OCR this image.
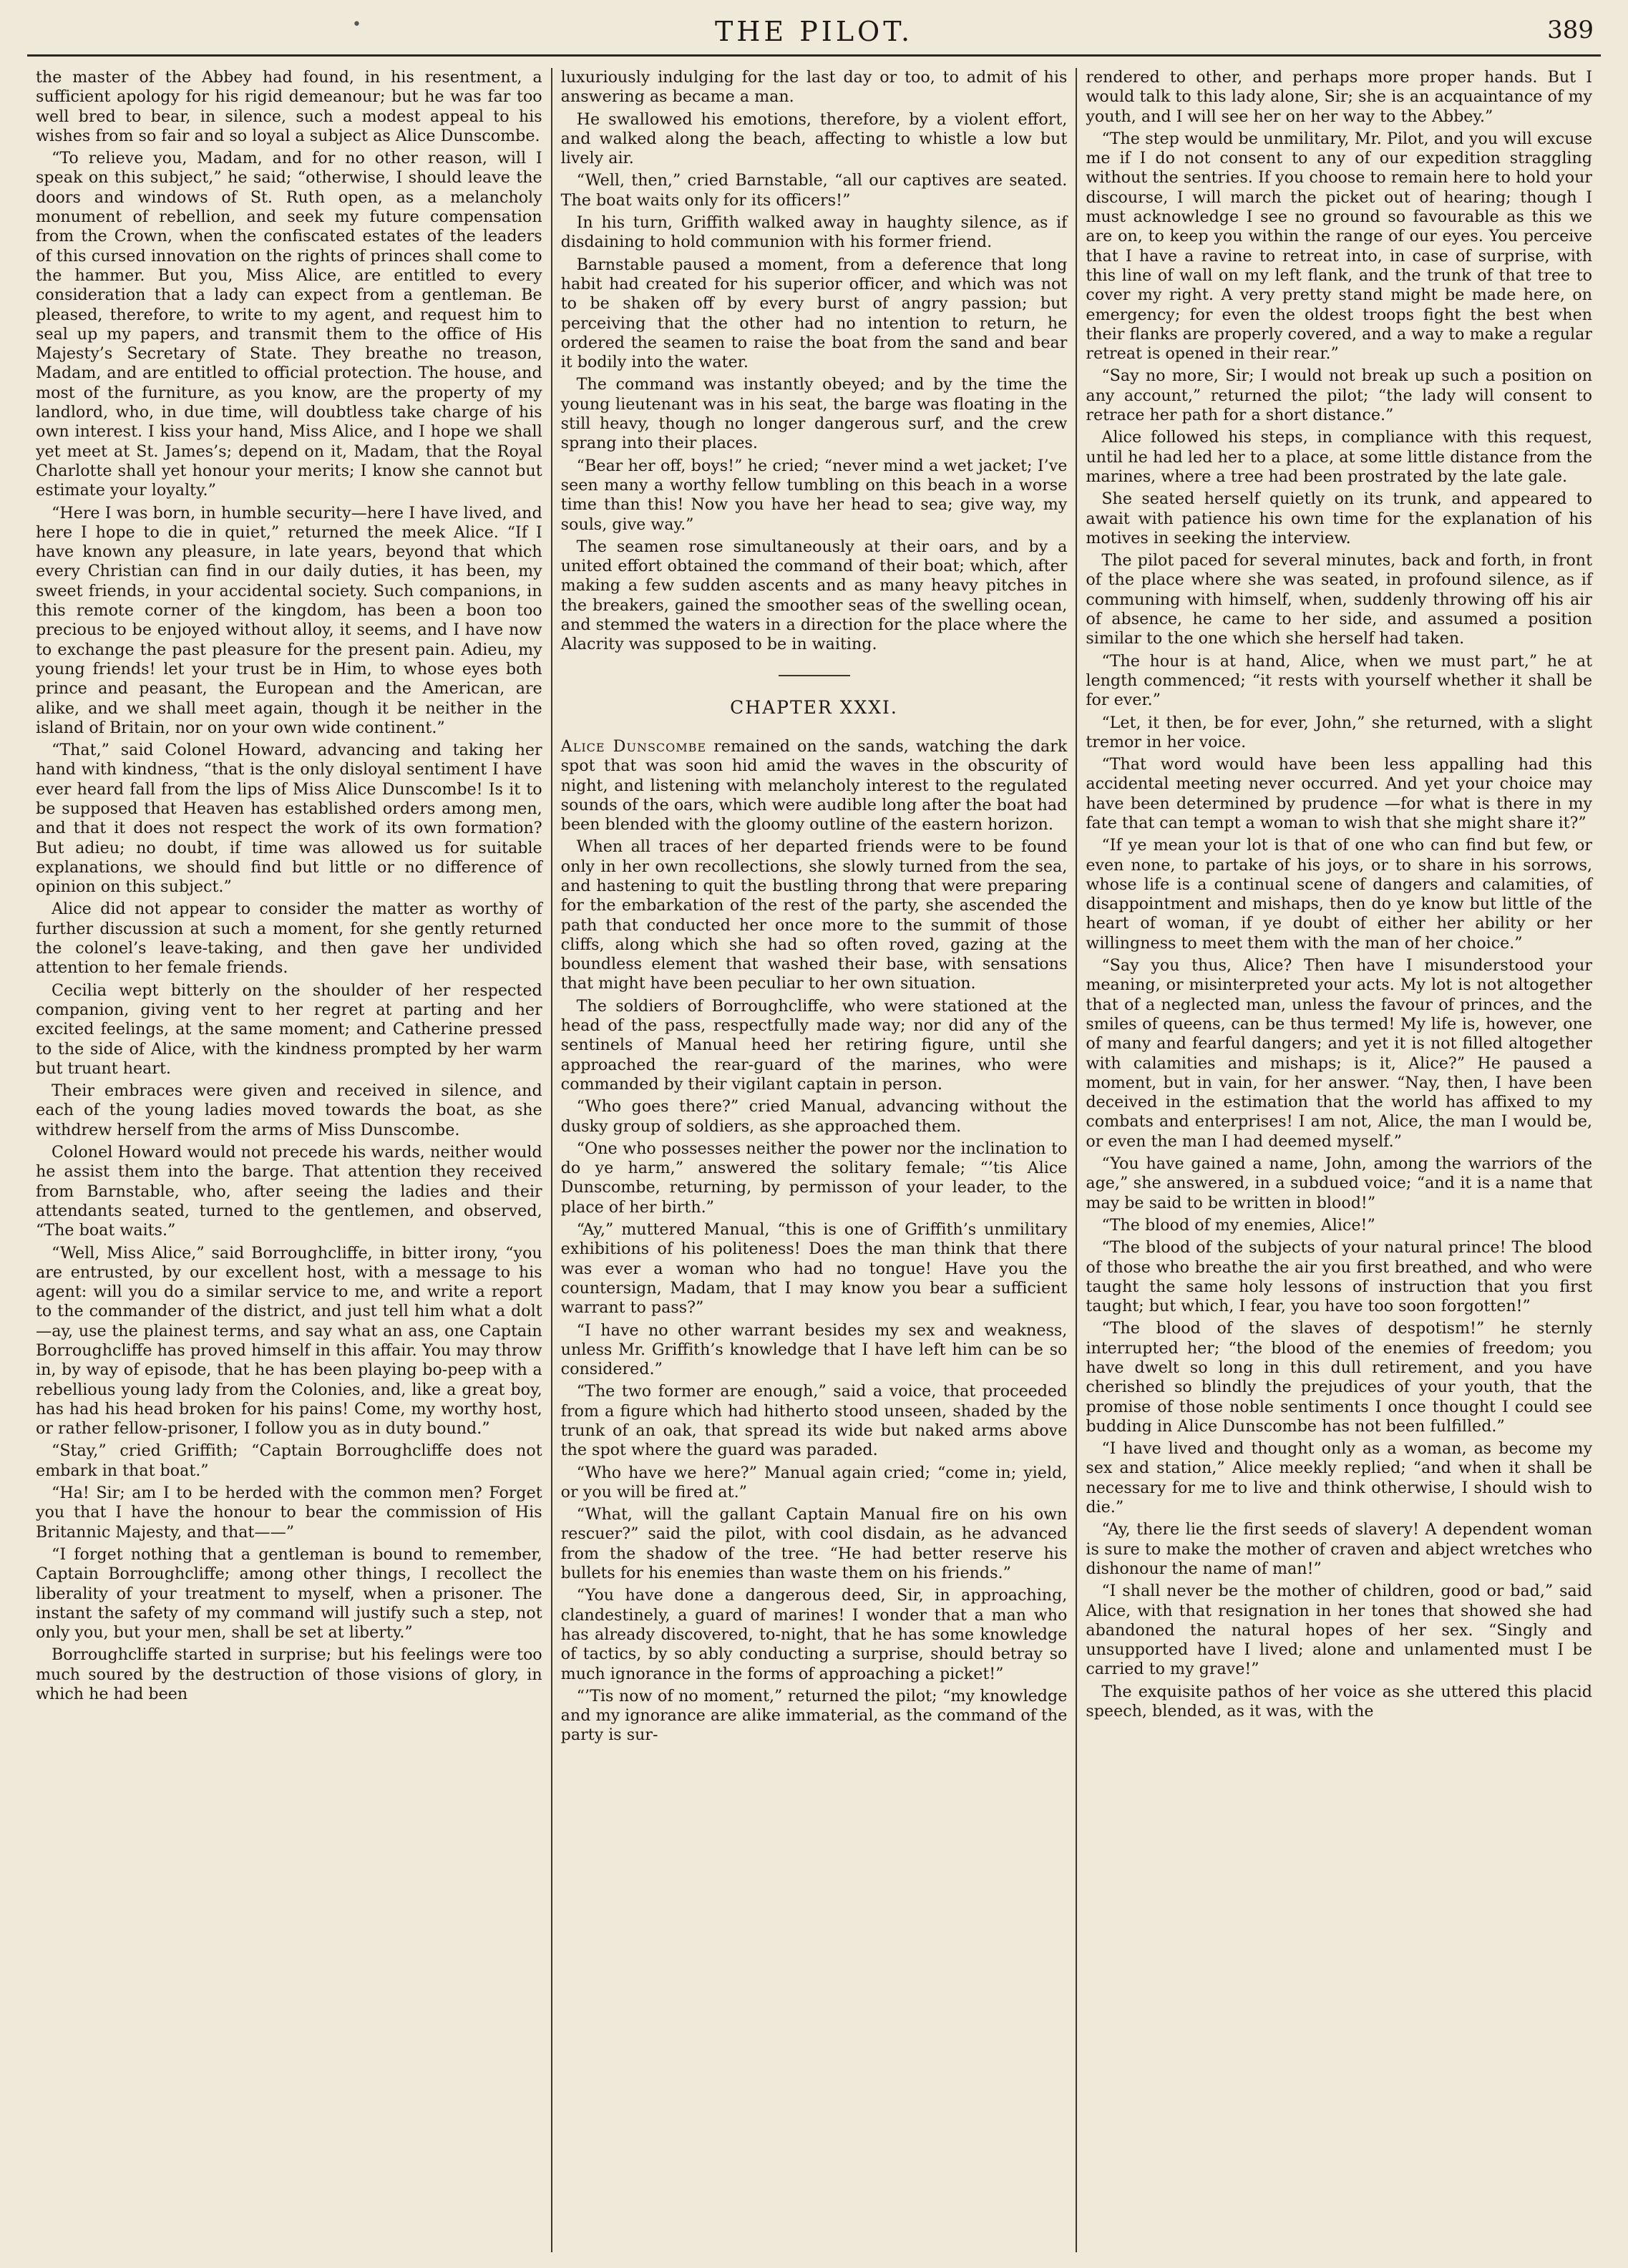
•	THE PILOT.	389

the master of the Abbey had found, in his resentment, a sufficient apology for his rigid demeanour; but he was far too well bred to bear, in silence, such a modest appeal to his wishes from so fair and so loyal a subject as Alice Dunscombe.

“To relieve you, Madam, and for no other reason, will I speak on this subject,” he said; “otherwise, I should leave the doors and windows of St. Ruth open, as a melancholy monument of rebellion, and seek my future compensation from the Crown, when the confiscated estates of the leaders of this cursed innovation on the rights of princes shall come to the hammer. But you, Miss Alice, are entitled to every consideration that a lady can expect from a gentleman. Be pleased, therefore, to write to my agent, and request him to seal up my papers, and transmit them to the office of His Majesty’s Secretary of State. They breathe no treason, Madam, and are entitled to official protection. The house, and most of the furniture, as you know, are the property of my landlord, who, in due time, will doubtless take charge of his own interest. I kiss your hand, Miss Alice, and I hope we shall yet meet at St. James’s; depend on it, Madam, that the Royal Charlotte shall yet honour your merits; I know she cannot but estimate your loyalty.”

“Here I was born, in humble security—here I have lived, and here I hope to die in quiet,” returned the meek Alice. “If I have known any pleasure, in late years, beyond that which every Christian can find in our daily duties, it has been, my sweet friends, in your accidental society. Such companions, in this remote corner of the kingdom, has been a boon too precious to be enjoyed without alloy, it seems, and I have now to exchange the past pleasure for the present pain. Adieu, my young friends! let your trust be in Him, to whose eyes both prince and peasant, the European and the American, are alike, and we shall meet again, though it be neither in the island of Britain, nor on your own wide continent.”

“That,” said Colonel Howard, advancing and taking her hand with kindness, “that is the only disloyal sentiment I have ever heard fall from the lips of Miss Alice Dunscombe! Is it to be supposed that Heaven has established orders among men, and that it does not respect the work of its own formation? But adieu; no doubt, if time was allowed us for suitable explanations, we should find but little or no difference of opinion on this subject.”

Alice did not appear to consider the matter as worthy of further discussion at such a moment, for she gently returned the colonel’s leave-taking, and then gave her undivided attention to her female friends.

Cecilia wept bitterly on the shoulder of her respected companion, giving vent to her regret at parting and her excited feelings, at the same moment; and Catherine pressed to the side of Alice, with the kindness prompted by her warm but truant heart.

Their embraces were given and received in silence, and each of the young ladies moved towards the boat, as she withdrew herself from the arms of Miss Dunscombe.

Colonel Howard would not precede his wards, neither would he assist them into the barge. That attention they received from Barnstable, who, after seeing the ladies and their attendants seated, turned to the gentlemen, and observed, “The boat waits.”

“Well, Miss Alice,” said Borroughcliffe, in bitter irony, “you are entrusted, by our excellent host, with a message to his agent: will you do a similar service to me, and write a report to the commander of the district, and just tell him what a dolt—ay, use the plainest terms, and say what an ass, one Captain Borroughcliffe has proved himself in this affair. You may throw in, by way of episode, that he has been playing bo-peep with a rebellious young lady from the Colonies, and, like a great boy, has had his head broken for his pains! Come, my worthy host, or rather fellow-prisoner, I follow you as in duty bound.”

“Stay,” cried Griffith; “Captain Borroughcliffe does not embark in that boat.”

“Ha! Sir; am I to be herded with the common men? Forget you that I have the honour to bear the commission of His Britannic Majesty, and that——”

“I forget nothing that a gentleman is bound to remember, Captain Borroughcliffe; among other things, I recollect the liberality of your treatment to myself, when a prisoner. The instant the safety of my command will justify such a step, not only you, but your men, shall be set at liberty.”

Borroughcliffe started in surprise; but his feelings were too much soured by the destruction of those visions of glory, in which he had been

luxuriously indulging for the last day or too, to admit of his answering as became a man.

He swallowed his emotions, therefore, by a violent effort, and walked along the beach, affecting to whistle a low but lively air.

“Well, then,” cried Barnstable, “all our captives are seated. The boat waits only for its officers!”

In his turn, Griffith walked away in haughty silence, as if disdaining to hold communion with his former friend.

Barnstable paused a moment, from a deference that long habit had created for his superior officer, and which was not to be shaken off by every burst of angry passion; but perceiving that the other had no intention to return, he ordered the seamen to raise the boat from the sand and bear it bodily into the water.

The command was instantly obeyed; and by the time the young lieutenant was in his seat, the barge was floating in the still heavy, though no longer dangerous surf, and the crew sprang into their places.

“Bear her off, boys!” he cried; “never mind a wet jacket; I’ve seen many a worthy fellow tumbling on this beach in a worse time than this! Now you have her head to sea; give way, my souls, give way.”

The seamen rose simultaneously at their oars, and by a united effort obtained the command of their boat; which, after making a few sudden ascents and as many heavy pitches in the breakers, gained the smoother seas of the swelling ocean, and stemmed the waters in a direction for the place where the Alacrity was supposed to be in waiting.

CHAPTER XXXI.

Alice Dunscombe remained on the sands, watching the dark spot that was soon hid amid the waves in the obscurity of night, and listening with melancholy interest to the regulated sounds of the oars, which were audible long after the boat had been blended with the gloomy outline of the eastern horizon.

When all traces of her departed friends were to be found only in her own recollections, she slowly turned from the sea, and hastening to quit the bustling throng that were preparing for the embarkation of the rest of the party, she ascended the path that conducted her once more to the summit of those cliffs, along which she had so often roved, gazing at the boundless element that washed their base, with sensations that might have been peculiar to her own situation.

The soldiers of Borroughcliffe, who were stationed at the head of the pass, respectfully made way; nor did any of the sentinels of Manual heed her retiring figure, until she approached the rear-guard of the marines, who were commanded by their vigilant captain in person.

“Who goes there?” cried Manual, advancing without the dusky group of soldiers, as she approached them.

“One who possesses neither the power nor the inclination to do ye harm,” answered the solitary female; “’tis Alice Dunscombe, returning, by permisson of your leader, to the place of her birth.”

“Ay,” muttered Manual, “this is one of Griffith’s unmilitary exhibitions of his politeness! Does the man think that there was ever a woman who had no tongue! Have you the countersign, Madam, that I may know you bear a sufficient warrant to pass?”

“I have no other warrant besides my sex and weakness, unless Mr. Griffith’s knowledge that I have left him can be so considered.”

“The two former are enough,” said a voice, that proceeded from a figure which had hitherto stood unseen, shaded by the trunk of an oak, that spread its wide but naked arms above the spot where the guard was paraded.

“Who have we here?” Manual again cried; “come in; yield, or you will be fired at.”

“What, will the gallant Captain Manual fire on his own rescuer?” said the pilot, with cool disdain, as he advanced from the shadow of the tree. “He had better reserve his bullets for his enemies than waste them on his friends.”

“You have done a dangerous deed, Sir, in approaching, clandestinely, a guard of marines! I wonder that a man who has already discovered, to-night, that he has some knowledge of tactics, by so ably conducting a surprise, should betray so much ignorance in the forms of approaching a picket!”

“’Tis now of no moment,” returned the pilot; “my knowledge and my ignorance are alike immaterial, as the command of the party is sur-

rendered to other, and perhaps more proper hands. But I would talk to this lady alone, Sir; she is an acquaintance of my youth, and I will see her on her way to the Abbey.”

“The step would be unmilitary, Mr. Pilot, and you will excuse me if I do not consent to any of our expedition straggling without the sentries. If you choose to remain here to hold your discourse, I will march the picket out of hearing; though I must acknowledge I see no ground so favourable as this we are on, to keep you within the range of our eyes. You perceive that I have a ravine to retreat into, in case of surprise, with this line of wall on my left flank, and the trunk of that tree to cover my right. A very pretty stand might be made here, on emergency; for even the oldest troops fight the best when their flanks are properly covered, and a way to make a regular retreat is opened in their rear.”

“Say no more, Sir; I would not break up such a position on any account,” returned the pilot; “the lady will consent to retrace her path for a short distance.”

Alice followed his steps, in compliance with this request, until he had led her to a place, at some little distance from the marines, where a tree had been prostrated by the late gale.

She seated herself quietly on its trunk, and appeared to await with patience his own time for the explanation of his motives in seeking the interview.

The pilot paced for several minutes, back and forth, in front of the place where she was seated, in profound silence, as if communing with himself, when, suddenly throwing off his air of absence, he came to her side, and assumed a position similar to the one which she herself had taken.

“The hour is at hand, Alice, when we must part,” he at length commenced; “it rests with yourself whether it shall be for ever.”

“Let, it then, be for ever, John,” she returned, with a slight tremor in her voice.

“That word would have been less appalling had this accidental meeting never occurred. And yet your choice may have been determined by prudence —for what is there in my fate that can tempt a woman to wish that she might share it?”

“If ye mean your lot is that of one who can find but few, or even none, to partake of his joys, or to share in his sorrows, whose life is a continual scene of dangers and calamities, of disappointment and mishaps, then do ye know but little of the heart of woman, if ye doubt of either her ability or her willingness to meet them with the man of her choice.”

“Say you thus, Alice? Then have I misunderstood your meaning, or misinterpreted your acts. My lot is not altogether that of a neglected man, unless the favour of princes, and the smiles of queens, can be thus termed! My life is, however, one of many and fearful dangers; and yet it is not filled altogether with calamities and mishaps; is it, Alice?” He paused a moment, but in vain, for her answer. “Nay, then, I have been deceived in the estimation that the world has affixed to my combats and enterprises! I am not, Alice, the man I would be, or even the man I had deemed myself.”

“You have gained a name, John, among the warriors of the age,” she answered, in a subdued voice; “and it is a name that may be said to be written in blood!”

“The blood of my enemies, Alice!”

“The blood of the subjects of your natural prince! The blood of those who breathe the air you first breathed, and who were taught the same holy lessons of instruction that you first taught; but which, I fear, you have too soon forgotten!”

“The blood of the slaves of despotism!” he sternly interrupted her; “the blood of the enemies of freedom; you have dwelt so long in this dull retirement, and you have cherished so blindly the prejudices of your youth, that the promise of those noble sentiments I once thought I could see budding in Alice Dunscombe has not been fulfilled.”

“I have lived and thought only as a woman, as become my sex and station,” Alice meekly replied; “and when it shall be necessary for me to live and think otherwise, I should wish to die.”

“Ay, there lie the first seeds of slavery! A dependent woman is sure to make the mother of craven and abject wretches who dishonour the name of man!”

“I shall never be the mother of children, good or bad,” said Alice, with that resignation in her tones that showed she had abandoned the natural hopes of her sex. “Singly and unsupported have I lived; alone and unlamented must I be carried to my grave!”

The exquisite pathos of her voice as she uttered this placid speech, blended, as it was, with the
